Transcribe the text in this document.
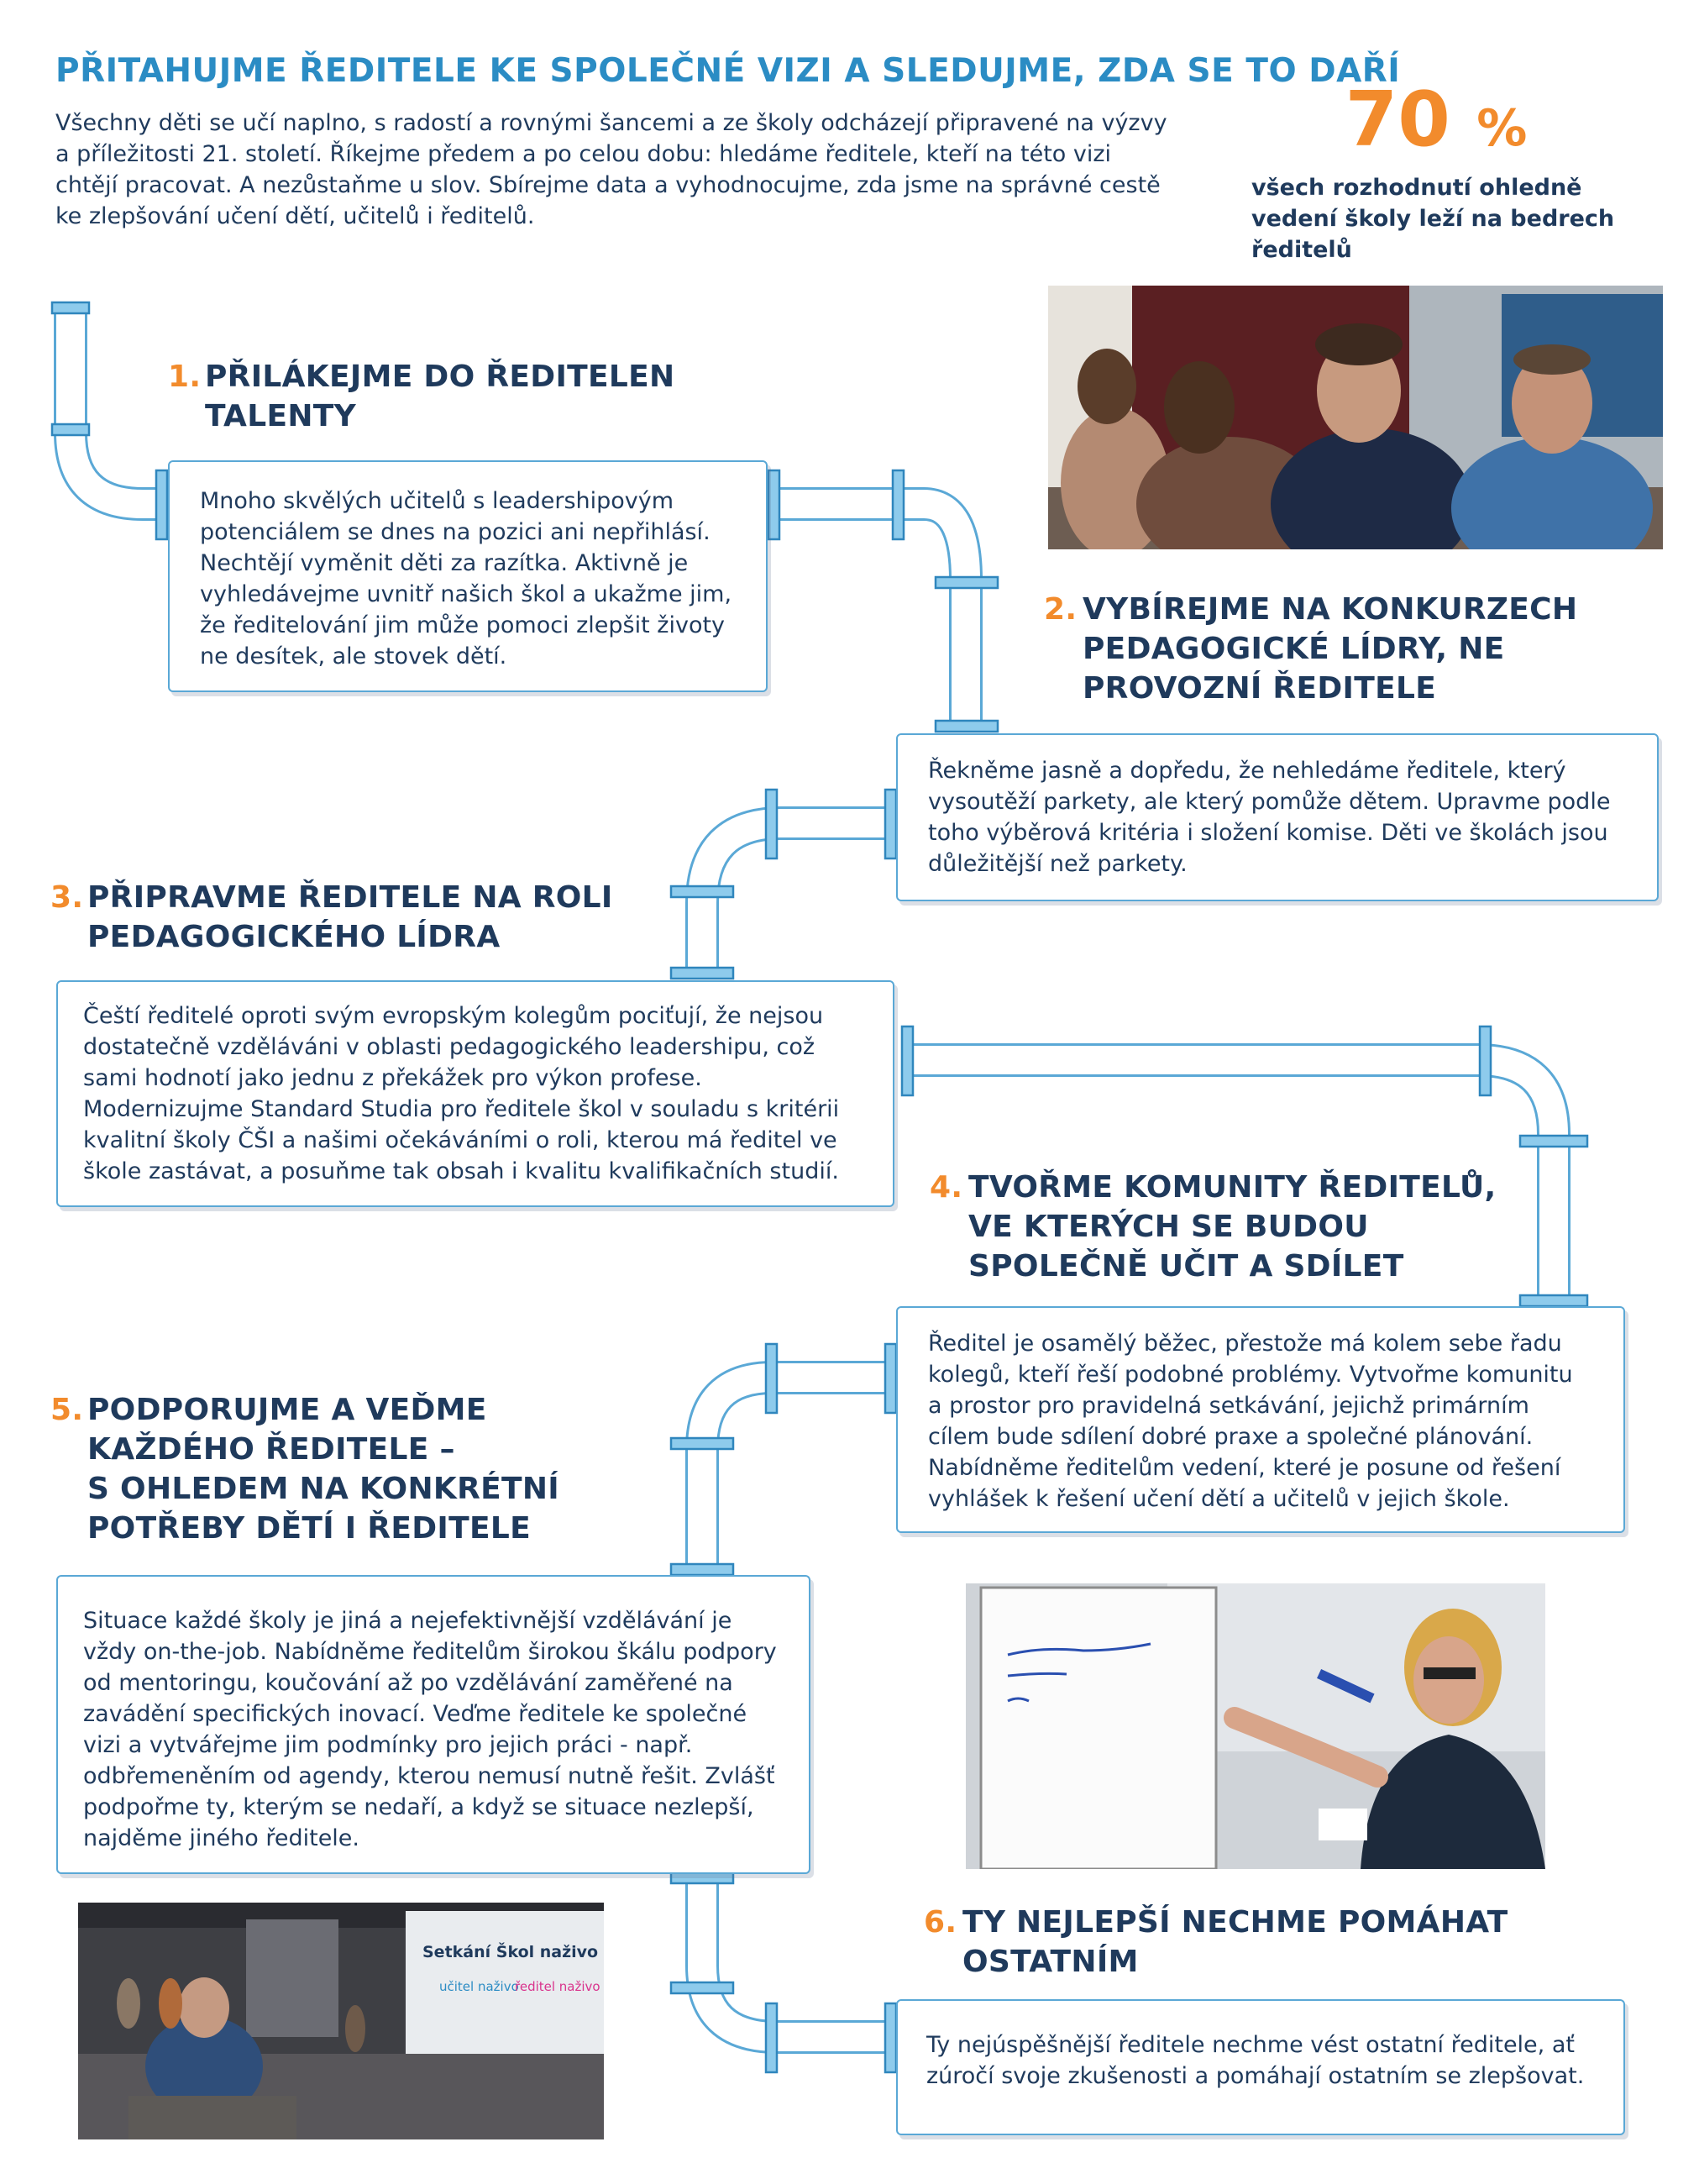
PŘITAHUJME ŘEDITELE KE SPOLEČNÉ VIZI A SLEDUJME, ZDA SE TO DAŘÍ
Všechny děti se učí naplno, s radostí a rovnými šancemi a ze školy odcházejí připravené na výzvy a příležitosti 21. století. Říkejme předem a po celou dobu: hledáme ředitele, kteří na této vizi chtějí pracovat. A nezůstaňme u slov. Sbírejme data a vyhodnocujme, zda jsme na správné cestě ke zlepšování učení dětí, učitelů i ředitelů.
70 %
všech rozhodnutí ohledně vedení školy leží na bedrech ředitelů
Setkání Škol naživo
učitel naživo
ředitel naživo
1. PŘILÁKEJME DO ŘEDITELEN
TALENTY
Mnoho skvělých učitelů s leadershipovým potenciálem se dnes na pozici ani nepřihlásí. Nechtějí vyměnit děti za razítka. Aktivně je vyhledávejme uvnitř našich škol a ukažme jim, že ředitelování jim může pomoci zlepšit životy ne desítek, ale stovek dětí.
2. VYBÍREJME NA KONKURZECH
PEDAGOGICKÉ LÍDRY, NE
PROVOZNÍ ŘEDITELE
Řekněme jasně a dopředu, že nehledáme ředitele, který vysoutěží parkety, ale který pomůže dětem. Upravme podle toho výběrová kritéria i složení komise. Děti ve školách jsou důležitější než parkety.
3. PŘIPRAVME ŘEDITELE NA ROLI
PEDAGOGICKÉHO LÍDRA
Čeští ředitelé oproti svým evropským kolegům pociťují, že nejsou dostatečně vzděláváni v oblasti pedagogického leadershipu, což sami hodnotí jako jednu z překážek pro výkon profese. Modernizujme Standard Studia pro ředitele škol v souladu s kritérii kvalitní školy ČŠI a našimi očekáváními o roli, kterou má ředitel ve škole zastávat, a posuňme tak obsah i kvalitu kvalifikačních studií.	4. TVOŘME KOMUNITY ŘEDITELŮ,
VE KTERÝCH SE BUDOU
SPOLEČNĚ UČIT A SDÍLET
Ředitel je osamělý běžec, přestože má kolem sebe řadu kolegů, kteří řeší podobné problémy. Vytvořme komunitu a prostor pro pravidelná setkávání, jejichž primárním cílem bude sdílení dobré praxe a společné plánování. Nabídněme ředitelům vedení, které je posune od řešení vyhlášek k řešení učení dětí a učitelů v jejich škole.
5. PODPORUJME A VEĎME
KAŽDÉHO ŘEDITELE –
S OHLEDEM NA KONKRÉTNÍ
POTŘEBY DĚTÍ I ŘEDITELE
Situace každé školy je jiná a nejefektivnější vzdělávání je vždy on-the-job. Nabídněme ředitelům širokou škálu podpory od mentoringu, koučování až po vzdělávání zaměřené na zavádění specifických inovací. Veďme ředitele ke společné vizi a vytvářejme jim podmínky pro jejich práci - např. odbřemeněním od agendy, kterou nemusí nutně řešit. Zvlášť podpořme ty, kterým se nedaří, a když se situace nezlepší, najděme jiného ředitele.
6. TY NEJLEPŠÍ NECHME POMÁHAT
OSTATNÍM
Ty nejúspěšnější ředitele nechme vést ostatní ředitele, ať zúročí svoje zkušenosti a pomáhají ostatním se zlepšovat.
